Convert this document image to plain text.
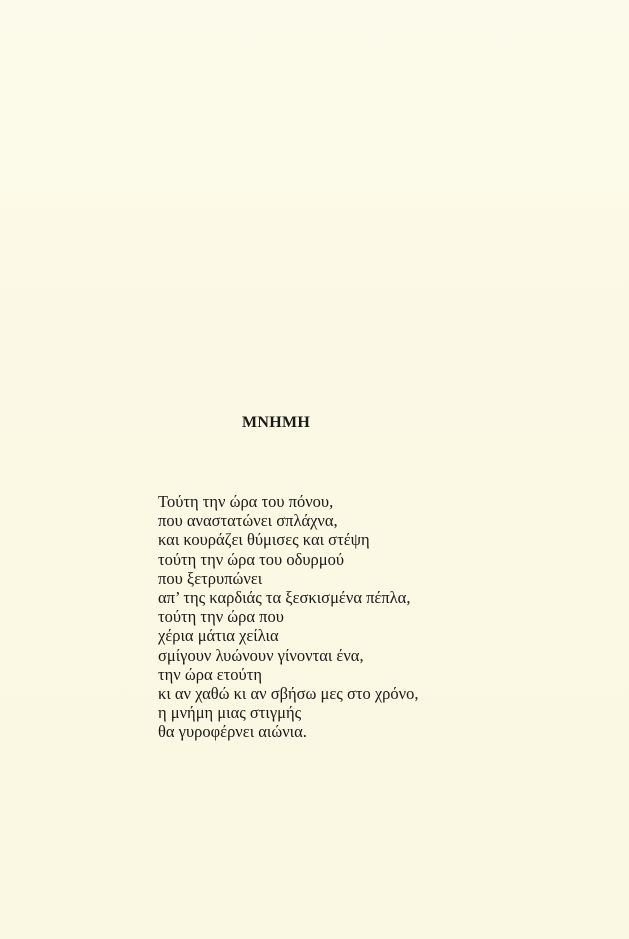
ΜΝΗΜΗ
Τούτη την ώρα του πόνου,
που αναστατώνει σπλάχνα,
και κουράζει θύμισες και στέψη
τούτη την ώρα του οδυρμού
που ξετρυπώνει
απ’ της καρδιάς τα ξεσκισμένα πέπλα,
τούτη την ώρα που
χέρια μάτια χείλια
σμίγουν λυώνουν γίνονται ένα,
την ώρα ετούτη
κι αν χαθώ κι αν σβήσω μες στο χρόνο,
η μνήμη μιας στιγμής
θα γυροφέρνει αιώνια.
